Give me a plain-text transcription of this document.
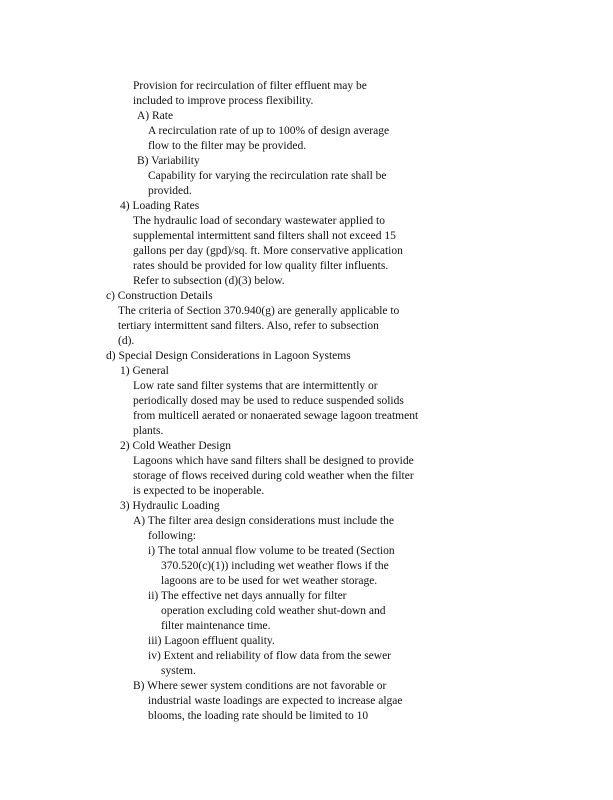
Provision for recirculation of filter effluent may be
included to improve process flexibility.
A) Rate
A recirculation rate of up to 100% of design average
flow to the filter may be provided.
B) Variability
Capability for varying the recirculation rate shall be
provided.
4) Loading Rates
The hydraulic load of secondary wastewater applied to
supplemental intermittent sand filters shall not exceed 15
gallons per day (gpd)/sq. ft. More conservative application
rates should be provided for low quality filter influents.
Refer to subsection (d)(3) below.
c) Construction Details
The criteria of Section 370.940(g) are generally applicable to
tertiary intermittent sand filters. Also, refer to subsection
(d).
d) Special Design Considerations in Lagoon Systems
1) General
Low rate sand filter systems that are intermittently or
periodically dosed may be used to reduce suspended solids
from multicell aerated or nonaerated sewage lagoon treatment
plants.
2) Cold Weather Design
Lagoons which have sand filters shall be designed to provide
storage of flows received during cold weather when the filter
is expected to be inoperable.
3) Hydraulic Loading
A) The filter area design considerations must include the
following:
i) The total annual flow volume to be treated (Section
370.520(c)(1)) including wet weather flows if the
lagoons are to be used for wet weather storage.
ii) The effective net days annually for filter
operation excluding cold weather shut-down and
filter maintenance time.
iii) Lagoon effluent quality.
iv) Extent and reliability of flow data from the sewer
system.
B) Where sewer system conditions are not favorable or
industrial waste loadings are expected to increase algae
blooms, the loading rate should be limited to 10
